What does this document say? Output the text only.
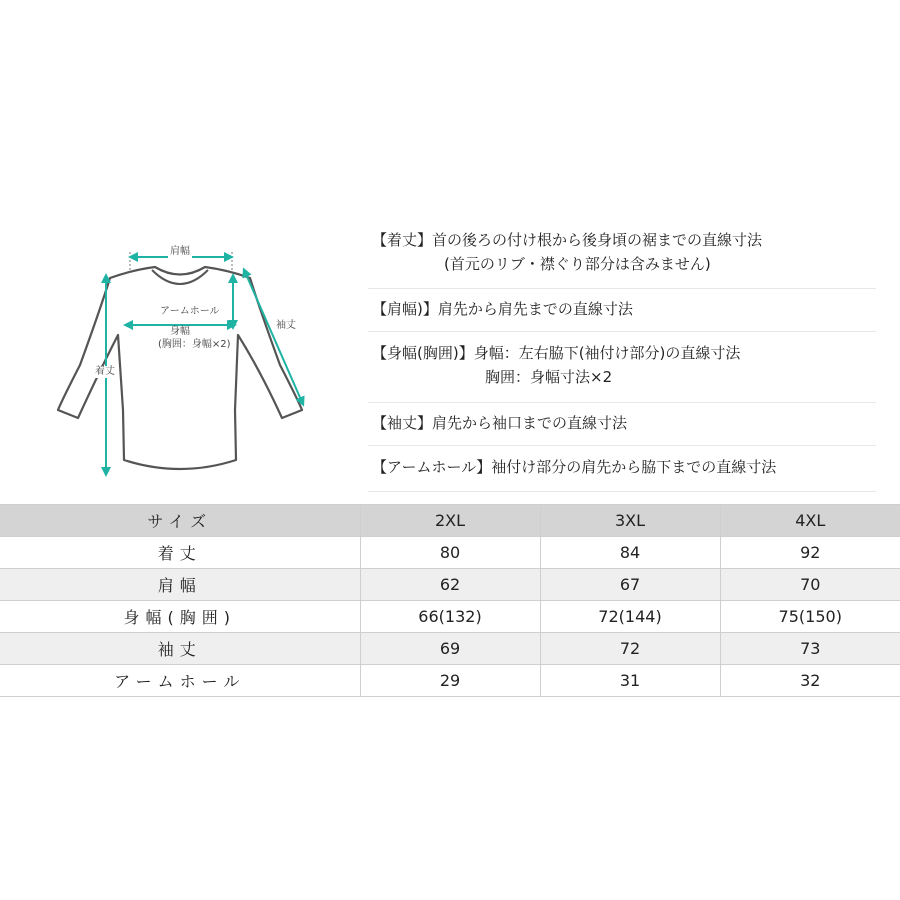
肩幅
袖丈
アームホール
身幅
(胸囲：身幅×2)
着丈
【着丈】首の後ろの付け根から後身頃の裾までの直線寸法
(首元のリブ・襟ぐり部分は含みません)
【肩幅)】肩先から肩先までの直線寸法
【身幅(胸囲)】身幅：左右脇下(袖付け部分)の直線寸法
胸囲：身幅寸法×2
【袖丈】肩先から袖口までの直線寸法
【アームホール】袖付け部分の肩先から脇下までの直線寸法
サイズ	2XL	3XL	4XL
着丈	80	84	92
肩幅	62	67	70
身幅(胸囲)	66(132)	72(144)	75(150)
袖丈	69	72	73
アームホール	29	31	32
